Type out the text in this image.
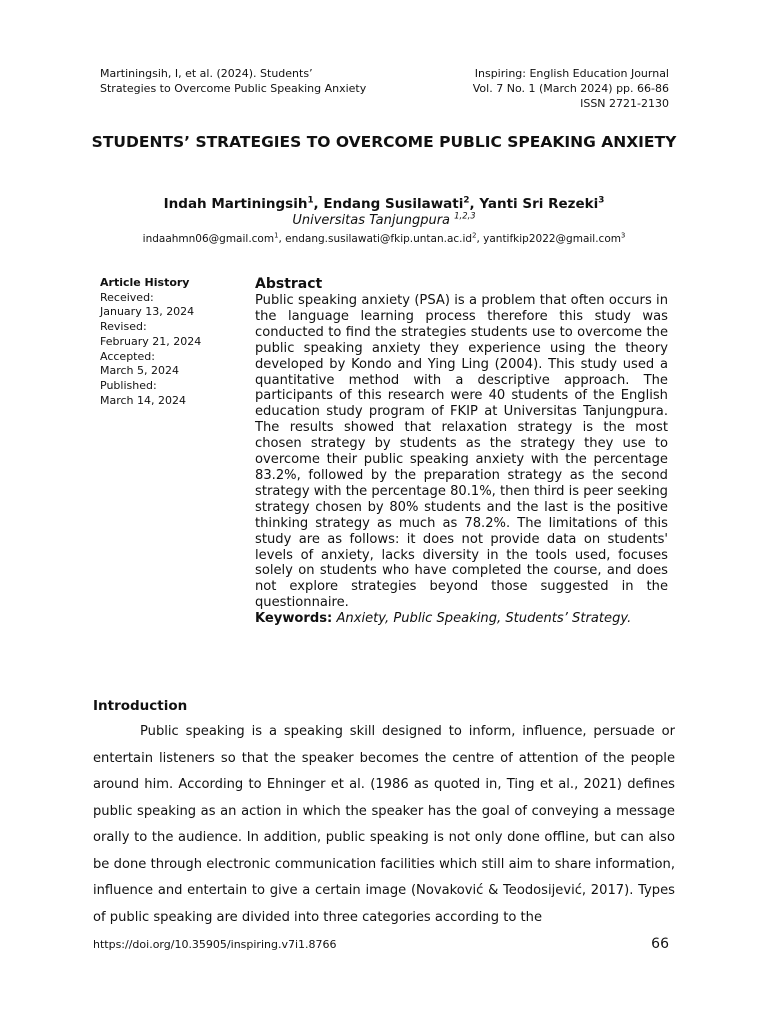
Martiningsih, I, et al. (2024). Students’
Strategies to Overcome Public Speaking Anxiety
Inspiring: English Education Journal
Vol. 7 No. 1 (March 2024) pp. 66-86
ISSN 2721-2130
STUDENTS’ STRATEGIES TO OVERCOME PUBLIC SPEAKING ANXIETY
Indah Martiningsih$^1$, Endang Susilawati$^2$, Yanti Sri Rezeki$^3$
Universitas Tanjungpura $^{1,2,3}$
indaahmn06@gmail.com$^1$, $endang.susilawati@fkip.untan.ac.id^2$, yantifkip2022@gmail.com$^3$
Article History
Received:
January 13, 2024
Revised:
February 21, 2024
Accepted:
March 5, 2024
Published:
March 14, 2024
Abstract
Public speaking anxiety (PSA) is a problem that often occurs in the language learning process therefore this study was conducted to find the strategies students use to overcome the public speaking anxiety they experience using the theory developed by Kondo and Ying Ling (2004). This study used a quantitative method with a descriptive approach. The participants of this research were 40 students of the English education study program of FKIP at Universitas Tanjungpura. The results showed that relaxation strategy is the most chosen strategy by students as the strategy they use to overcome their public speaking anxiety with the percentage 83.2%, followed by the preparation strategy as the second strategy with the percentage 80.1%, then third is peer seeking strategy chosen by 80% students and the last is the positive thinking strategy as much as 78.2%. The limitations of this study are as follows: it does not provide data on students' levels of anxiety, lacks diversity in the tools used, focuses solely on students who have completed the course, and does not explore strategies beyond those suggested in the questionnaire.
Keywords: Anxiety, Public Speaking, Students’ Strategy.
Introduction
Public speaking is a speaking skill designed to inform, influence, persuade or entertain listeners so that the speaker becomes the centre of attention of the people around him. According to Ehninger et al. (1986 as quoted in, Ting et al., 2021) defines public speaking as an action in which the speaker has the goal of conveying a message orally to the audience. In addition, public speaking is not only done offline, but can also be done through electronic communication facilities which still aim to share information, influence and entertain to give a certain image (Novaković & Teodosijević, 2017). Types of public speaking are divided into three categories according to the
https://doi.org/10.35905/inspiring.v7i1.8766	66
